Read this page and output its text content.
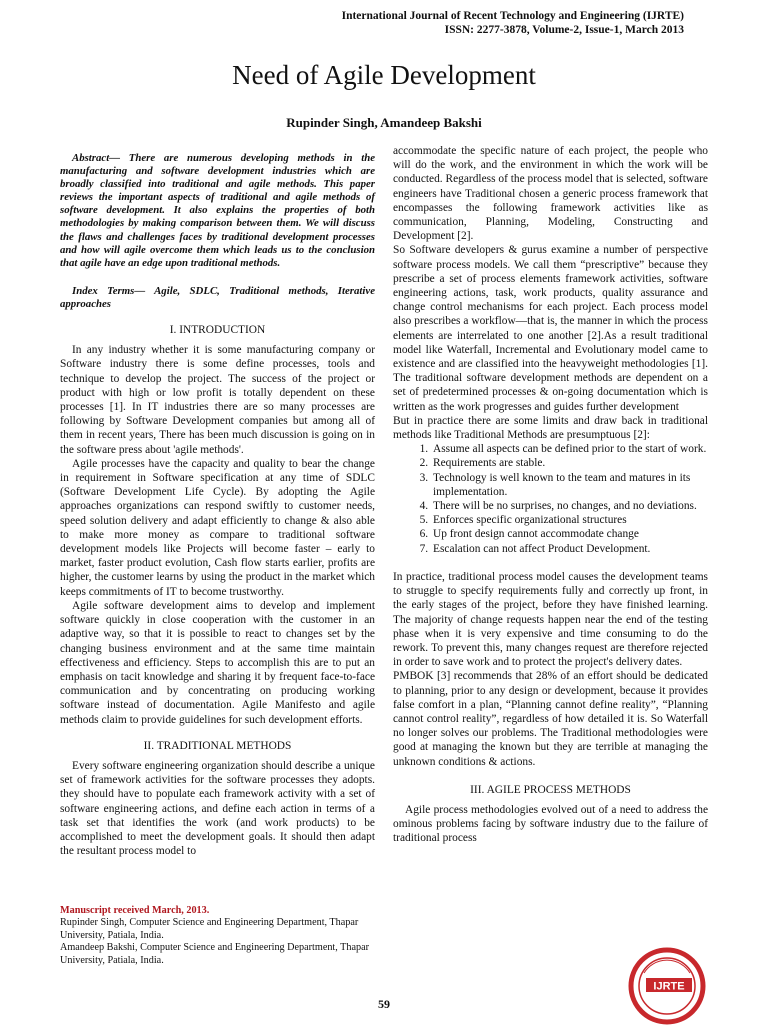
International Journal of Recent Technology and Engineering (IJRTE)
ISSN: 2277-3878, Volume-2, Issue-1, March 2013
Need of Agile Development
Rupinder Singh, Amandeep Bakshi

Abstract— There are numerous developing methods in the manufacturing and software development industries which are broadly classified into traditional and agile methods. This paper reviews the important aspects of traditional and agile methods of software development. It also explains the properties of both methodologies by making comparison between them. We will discuss the flaws and challenges faces by traditional development processes and how will agile overcome them which leads us to the conclusion that agile have an edge upon traditional methods.

Index Terms— Agile, SDLC, Traditional methods, Iterative approaches

I. INTRODUCTION

In any industry whether it is some manufacturing company or Software industry there is some define processes, tools and technique to develop the project. The success of the project or product with high or low profit is totally dependent on these processes [1]. In IT industries there are so many processes are following by Software Development companies but among all of them in recent years, There has been much discussion is going on in the software press about 'agile methods'.

Agile processes have the capacity and quality to bear the change in requirement in Software specification at any time of SDLC (Software Development Life Cycle). By adopting the Agile approaches organizations can respond swiftly to customer needs, speed solution delivery and adapt efficiently to change & also able to make more money as compare to traditional software development models like Projects will become faster – early to market, faster product evolution, Cash flow starts earlier, profits are higher, the customer learns by using the product in the market which keeps commitments of IT to become trustworthy.

Agile software development aims to develop and implement software quickly in close cooperation with the customer in an adaptive way, so that it is possible to react to changes set by the changing business environment and at the same time maintain effectiveness and efficiency. Steps to accomplish this are to put an emphasis on tacit knowledge and sharing it by frequent face-to-face communication and by concentrating on producing working software instead of documentation. Agile Manifesto and agile methods claim to provide guidelines for such development efforts.

II. TRADITIONAL METHODS

Every software engineering organization should describe a unique set of framework activities for the software processes they adopts. they should have to populate each framework activity with a set of software engineering actions, and define each action in terms of a task set that identifies the work (and work products) to be accomplished to meet the development goals. It should then adapt the resultant process model to

accommodate the specific nature of each project, the people who will do the work, and the environment in which the work will be conducted. Regardless of the process model that is selected, software engineers have Traditional chosen a generic process framework that encompasses the following framework activities like as communication, Planning, Modeling, Constructing and Development [2].

So Software developers & gurus examine a number of perspective software process models. We call them “prescriptive” because they prescribe a set of process elements framework activities, software engineering actions, task, work products, quality assurance and change control mechanisms for each project. Each process model also prescribes a workflow—that is, the manner in which the process elements are interrelated to one another [2].As a result traditional model like Waterfall, Incremental and Evolutionary model came to existence and are classified into the heavyweight methodologies [1]. The traditional software development methods are dependent on a set of predetermined processes & on-going documentation which is written as the work progresses and guides further development

But in practice there are some limits and draw back in traditional methods like Traditional Methods are presumptuous [2]:

1. Assume all aspects can be defined prior to the start of work.
2. Requirements are stable.
3. Technology is well known to the team and matures in its implementation.
4. There will be no surprises, no changes, and no deviations.
5. Enforces specific organizational structures
6. Up front design cannot accommodate change
7. Escalation can not affect Product Development.

In practice, traditional process model causes the development teams to struggle to specify requirements fully and correctly up front, in the early stages of the project, before they have finished learning. The majority of change requests happen near the end of the testing phase when it is very expensive and time consuming to do the rework. To prevent this, many changes request are therefore rejected in order to save work and to protect the project's delivery dates.

PMBOK [3] recommends that 28% of an effort should be dedicated to planning, prior to any design or development, because it provides false comfort in a plan, “Planning cannot define reality”, “Planning cannot control reality”, regardless of how detailed it is. So Waterfall no longer solves our problems. The Traditional methodologies were good at managing the known but they are terrible at managing the unknown conditions & actions.

III. AGILE PROCESS METHODS

Agile process methodologies evolved out of a need to address the ominous problems facing by software industry due to the failure of traditional process

Manuscript received March, 2013.
Rupinder Singh, Computer Science and Engineering Department, Thapar University, Patiala, India.
Amandeep Bakshi, Computer Science and Engineering Department, Thapar University, Patiala, India.
IJRTE
59
